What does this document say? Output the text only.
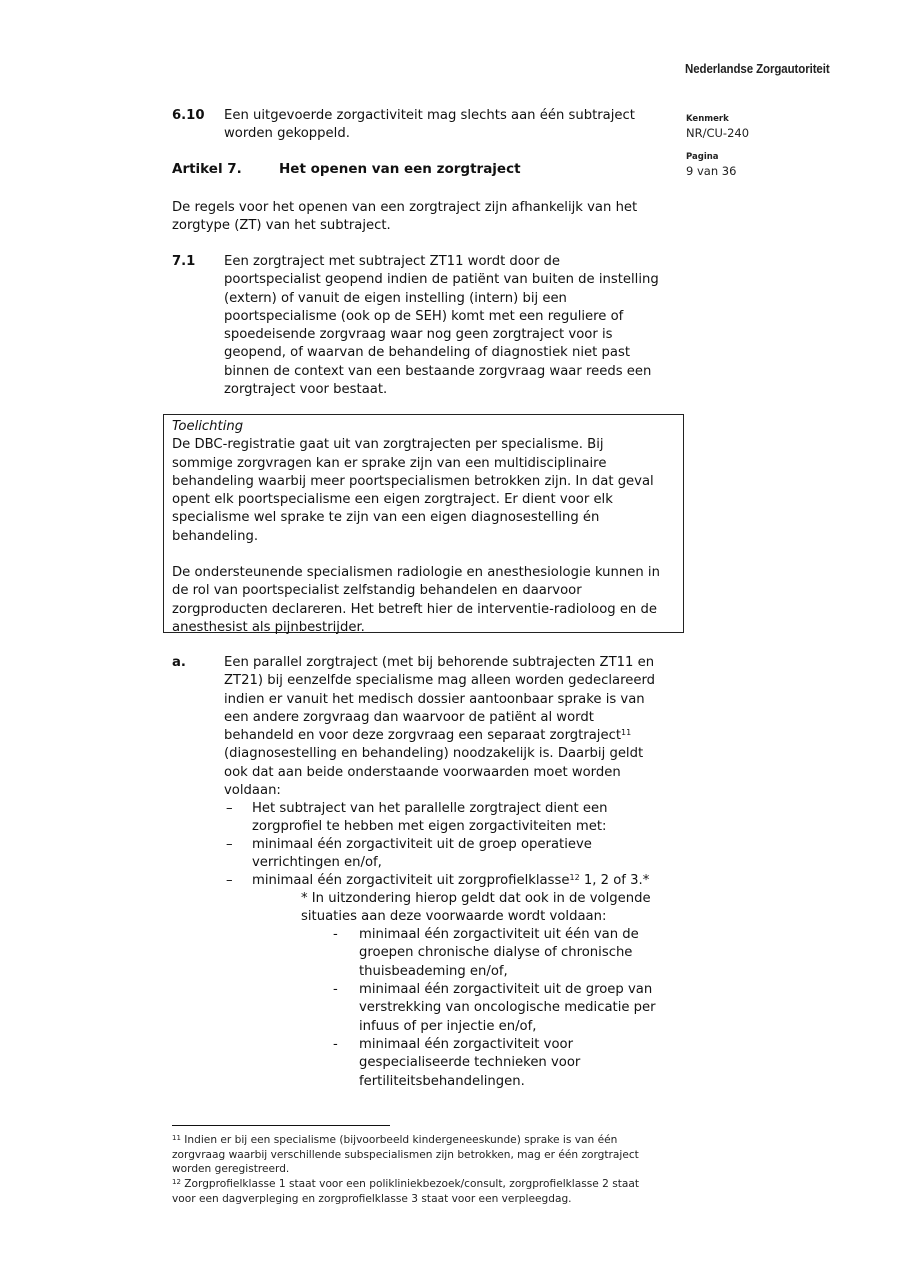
Nederlandse Zorgautoriteit
Kenmerk
NR/CU-240
Pagina
9 van 36
6.10 Een uitgevoerde zorgactiviteit mag slechts aan één subtraject
worden gekoppeld.
Artikel 7.	Het openen van een zorgtraject
De regels voor het openen van een zorgtraject zijn afhankelijk van het
zorgtype (ZT) van het subtraject.
7.1 Een zorgtraject met subtraject ZT11 wordt door de
poortspecialist geopend indien de patiënt van buiten de instelling
(extern) of vanuit de eigen instelling (intern) bij een
poortspecialisme (ook op de SEH) komt met een reguliere of
spoedeisende zorgvraag waar nog geen zorgtraject voor is
geopend, of waarvan de behandeling of diagnostiek niet past
binnen de context van een bestaande zorgvraag waar reeds een
zorgtraject voor bestaat.
Toelichting
De DBC-registratie gaat uit van zorgtrajecten per specialisme. Bij
sommige zorgvragen kan er sprake zijn van een multidisciplinaire
behandeling waarbij meer poortspecialismen betrokken zijn. In dat geval
opent elk poortspecialisme een eigen zorgtraject. Er dient voor elk
specialisme wel sprake te zijn van een eigen diagnosestelling én
behandeling.
De ondersteunende specialismen radiologie en anesthesiologie kunnen in
de rol van poortspecialist zelfstandig behandelen en daarvoor
zorgproducten declareren. Het betreft hier de interventie-radioloog en de
anesthesist als pijnbestrijder.
a.	Een parallel zorgtraject (met bij behorende subtrajecten ZT11 en
ZT21) bij eenzelfde specialisme mag alleen worden gedeclareerd
indien er vanuit het medisch dossier aantoonbaar sprake is van
een andere zorgvraag dan waarvoor de patiënt al wordt
behandeld en voor deze zorgvraag een separaat zorgtraject$^{11}$
(diagnosestelling en behandeling) noodzakelijk is. Daarbij geldt
ook dat aan beide onderstaande voorwaarden moet worden
voldaan:
– Het subtraject van het parallelle zorgtraject dient een
zorgprofiel te hebben met eigen zorgactiviteiten met:
– minimaal één zorgactiviteit uit de groep operatieve
verrichtingen en/of,
– minimaal één zorgactiviteit uit zorgprofielklasse$^{12}$ 1, 2 of 3.*
* In uitzondering hierop geldt dat ook in de volgende
situaties aan deze voorwaarde wordt voldaan:
- minimaal één zorgactiviteit uit één van de
groepen chronische dialyse of chronische
thuisbeademing en/of,
- minimaal één zorgactiviteit uit de groep van
verstrekking van oncologische medicatie per
infuus of per injectie en/of,
- minimaal één zorgactiviteit voor
gespecialiseerde technieken voor
fertiliteitsbehandelingen.
$^{11}$ Indien er bij een specialisme (bijvoorbeeld kindergeneeskunde) sprake is van één
zorgvraag waarbij verschillende subspecialismen zijn betrokken, mag er één zorgtraject
worden geregistreerd.
$^{12}$ Zorgprofielklasse 1 staat voor een polikliniekbezoek/consult, zorgprofielklasse 2 staat
voor een dagverpleging en zorgprofielklasse 3 staat voor een verpleegdag.
